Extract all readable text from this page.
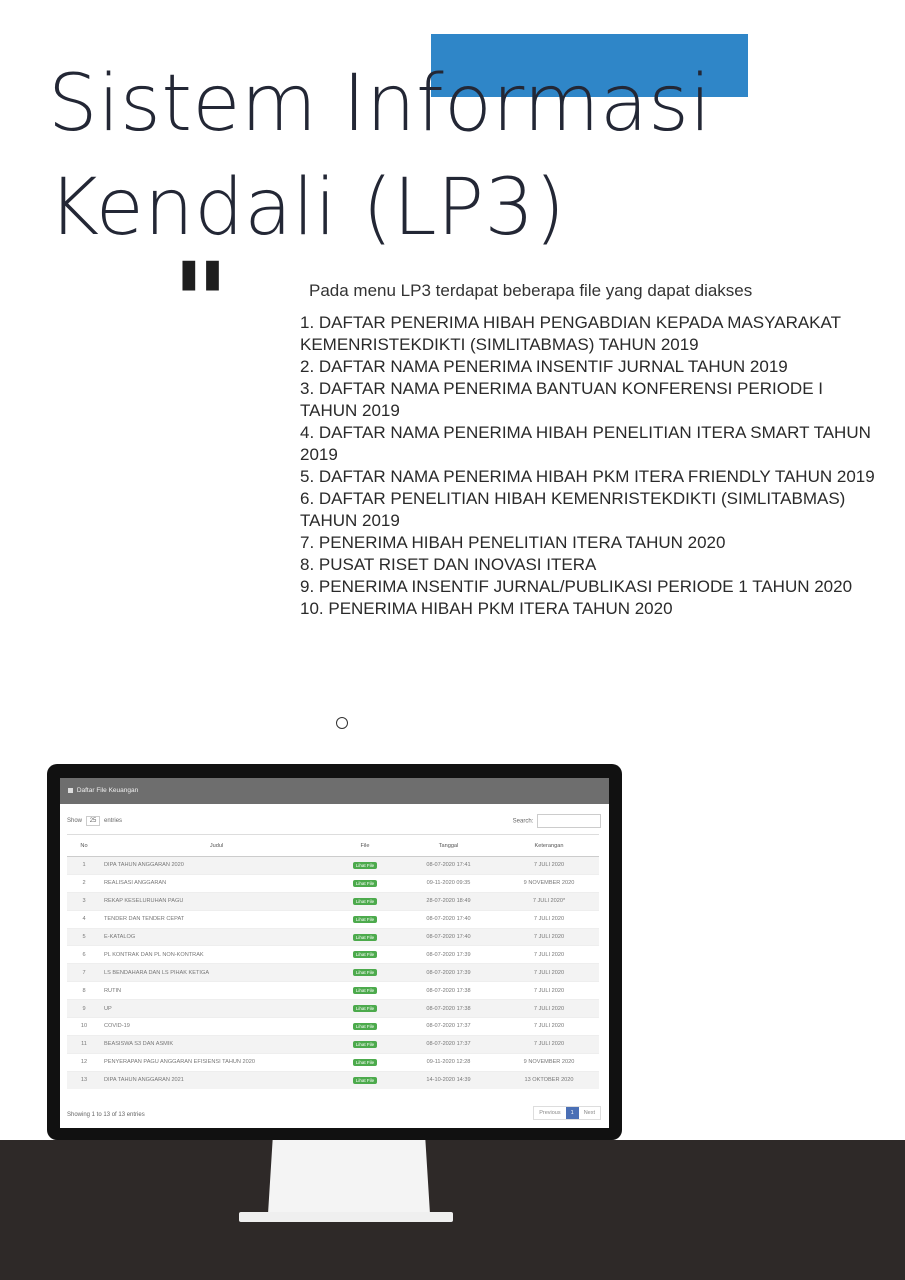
Sistem Informasi
Kendali (LP3)
"	Pada menu LP3 terdapat beberapa file yang dapat diakses
1. DAFTAR PENERIMA HIBAH PENGABDIAN KEPADA MASYARAKAT KEMENRISTEKDIKTI (SIMLITABMAS) TAHUN 2019
2. DAFTAR NAMA PENERIMA INSENTIF JURNAL TAHUN 2019
3. DAFTAR NAMA PENERIMA BANTUAN KONFERENSI PERIODE I TAHUN 2019
4. DAFTAR NAMA PENERIMA HIBAH PENELITIAN ITERA SMART TAHUN 2019
5. DAFTAR NAMA PENERIMA HIBAH PKM ITERA FRIENDLY TAHUN 2019
6. DAFTAR PENELITIAN HIBAH KEMENRISTEKDIKTI (SIMLITABMAS) TAHUN 2019
7. PENERIMA HIBAH PENELITIAN ITERA TAHUN 2020
8. PUSAT RISET DAN INOVASI ITERA
9. PENERIMA INSENTIF JURNAL/PUBLIKASI PERIODE 1 TAHUN 2020
10. PENERIMA HIBAH PKM ITERA TAHUN 2020
Daftar File Keuangan
Show 25 entries	Search:
No	Judul	File	Tanggal	Keterangan
1	DIPA TAHUN ANGGARAN 2020	Lihat File	08-07-2020 17:41	7 JULI 2020
2	REALISASI ANGGARAN	Lihat File	09-11-2020 09:35	9 NOVEMBER 2020
3	REKAP KESELURUHAN PAGU	Lihat File	28-07-2020 18:49	7 JULI 2020*
4	TENDER DAN TENDER CEPAT	Lihat File	08-07-2020 17:40	7 JULI 2020
5	E-KATALOG	Lihat File	08-07-2020 17:40	7 JULI 2020
6	PL KONTRAK DAN PL NON-KONTRAK	Lihat File	08-07-2020 17:39	7 JULI 2020
7	LS BENDAHARA DAN LS PIHAK KETIGA	Lihat File	08-07-2020 17:39	7 JULI 2020
8	RUTIN	Lihat File	08-07-2020 17:38	7 JULI 2020
9	UP	Lihat File	08-07-2020 17:38	7 JULI 2020
10	COVID-19	Lihat File	08-07-2020 17:37	7 JULI 2020
11	BEASISWA S3 DAN ASMIK	Lihat File	08-07-2020 17:37	7 JULI 2020
12	PENYERAPAN PAGU ANGGARAN EFISIENSI TAHUN 2020	Lihat File	09-11-2020 12:28	9 NOVEMBER 2020
13	DIPA TAHUN ANGGARAN 2021	Lihat File	14-10-2020 14:39	13 OKTOBER 2020
Showing 1 to 13 of 13 entries	Previous	1	Next
